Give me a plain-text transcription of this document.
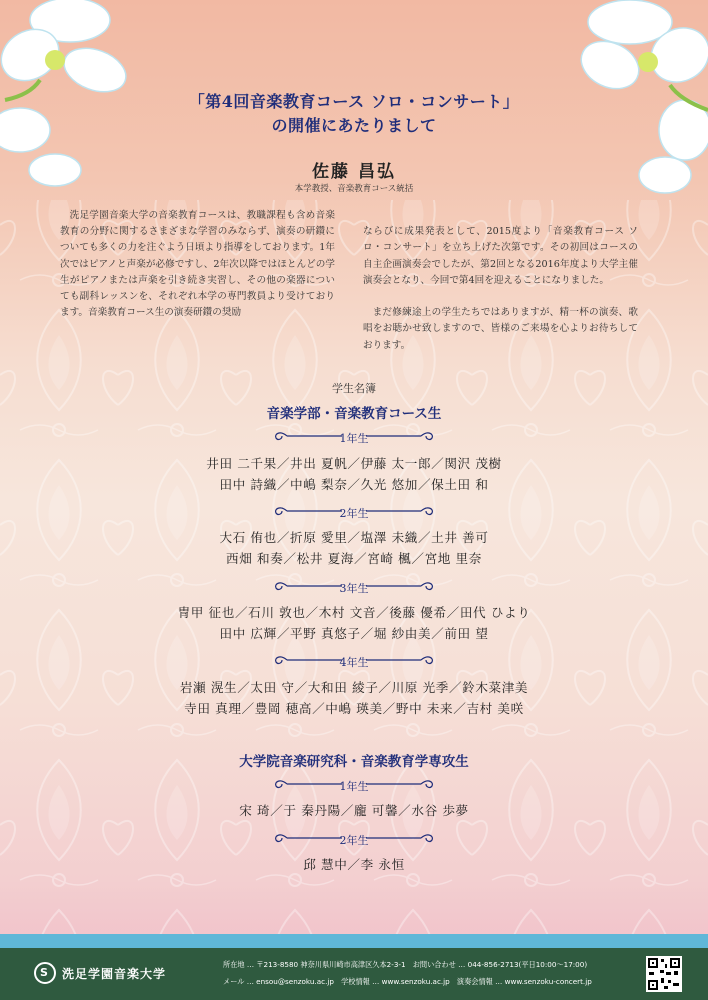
「第4回音楽教育コース ソロ・コンサート」
の開催にあたりまして
佐藤 昌弘
本学教授、音楽教育コース統括
洗足学園音楽大学の音楽教育コースは、教職課程も含め音楽教育の分野に関するさまざまな学習のみならず、演奏の研鑽についても多くの力を注ぐよう日頃より指導をしております。1年次ではピアノと声楽が必修ですし、2年次以降ではほとんどの学生がピアノまたは声楽を引き続き実習し、その他の楽器についても副科レッスンを、それぞれ本学の専門教員より受けております。音楽教育コース生の演奏研鑽の奨励

ならびに成果発表として、2015度より「音楽教育コース ソロ・コンサート」を立ち上げた次第です。その初回はコースの自主企画演奏会でしたが、第2回となる2016年度より大学主催演奏会となり、今回で第4回を迎えることになりました。

まだ修練途上の学生たちではありますが、精一杯の演奏、歌唱をお聴かせ致しますので、皆様のご来場を心よりお待ちしております。

学生名簿
音楽学部・音楽教育コース生
1年生
井田 二千果／井出 夏帆／伊藤 太一郎／関沢 茂樹
田中 詩織／中嶋 梨奈／久光 悠加／保土田 和
2年生
大石 侑也／折原 愛里／塩澤 未織／土井 善可
西畑 和奏／松井 夏海／宮崎 楓／宮地 里奈
3年生
冑甲 征也／石川 敦也／木村 文音／後藤 優希／田代 ひより
田中 広輝／平野 真悠子／堀 紗由美／前田 望
4年生
岩瀬 滉生／太田 守／大和田 綾子／川原 光季／鈴木菜津美
寺田 真理／豊岡 穂高／中嶋 瑛美／野中 未来／吉村 美咲
大学院音楽研究科・音楽教育学専攻生
1年生
宋 琦／于 秦丹陽／龐 可馨／水谷 歩夢
2年生
邱 慧中／李 永恒
S 洗足学園音楽大学
所在地 … 〒213-8580 神奈川県川崎市高津区久本2-3-1　お問い合わせ … 044-856-2713(平日10:00〜17:00)
メール … ensou@senzoku.ac.jp　学校情報 … www.senzoku.ac.jp　演奏会情報 … www.senzoku-concert.jp
